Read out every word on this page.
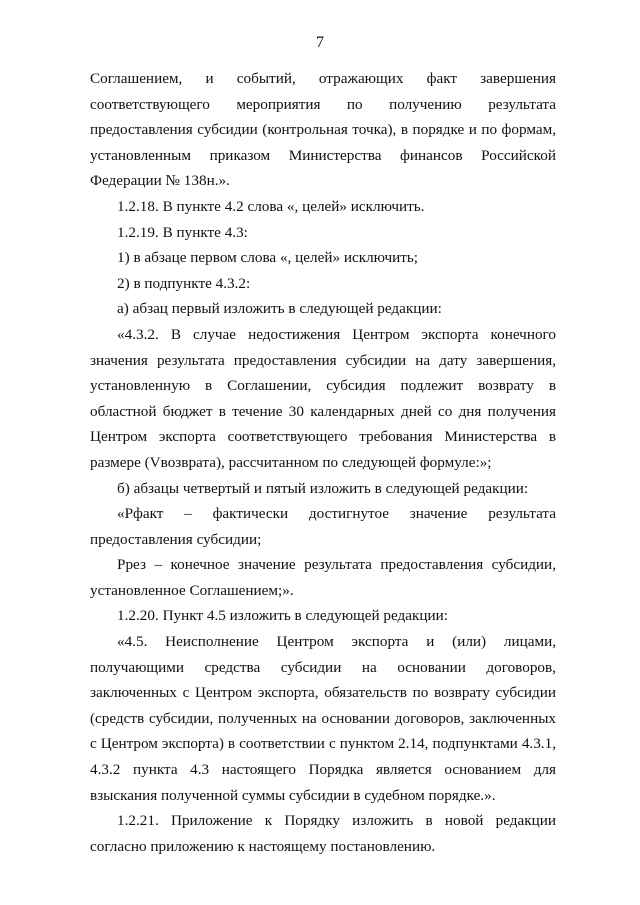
7

Соглашением, и событий, отражающих факт завершения соответствующего мероприятия по получению результата предоставления субсидии (контрольная точка), в порядке и по формам, установленным приказом Министерства финансов Российской Федерации № 138н.».

1.2.18. В пункте 4.2 слова «, целей» исключить.

1.2.19. В пункте 4.3:

1) в абзаце первом слова «, целей» исключить;

2) в подпункте 4.3.2:

а) абзац первый изложить в следующей редакции:

«4.3.2. В случае недостижения Центром экспорта конечного значения результата предоставления субсидии на дату завершения, установленную в Соглашении, субсидия подлежит возврату в областной бюджет в течение 30 календарных дней со дня получения Центром экспорта соответствующего требования Министерства в размере (Vвозврата), рассчитанном по следующей формуле:»;

б) абзацы четвертый и пятый изложить в следующей редакции:

«Рфакт – фактически достигнутое значение результата предоставления субсидии;

Ррез – конечное значение результата предоставления субсидии, установленное Соглашением;».

1.2.20. Пункт 4.5 изложить в следующей редакции:

«4.5. Неисполнение Центром экспорта и (или) лицами, получающими средства субсидии на основании договоров, заключенных с Центром экспорта, обязательств по возврату субсидии (средств субсидии, полученных на основании договоров, заключенных с Центром экспорта) в соответствии с пунктом 2.14, подпунктами 4.3.1, 4.3.2 пункта 4.3 настоящего Порядка является основанием для взыскания полученной суммы субсидии в судебном порядке.».

1.2.21. Приложение к Порядку изложить в новой редакции согласно приложению к настоящему постановлению.
